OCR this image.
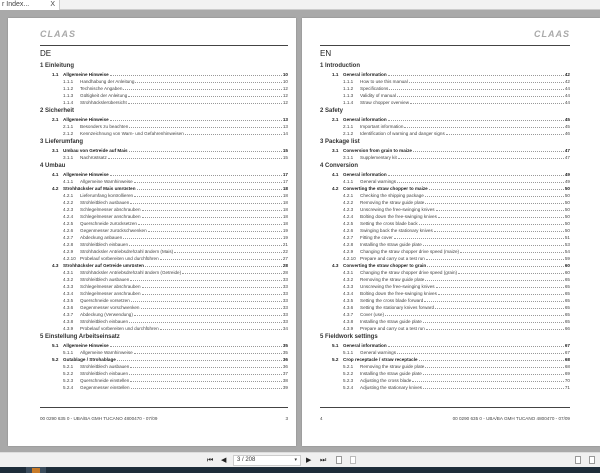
r Index...	X
CLAAS
DE
1 Einleitung
1.1	Allgemeine Hinweise	10
1.1.1	Handhabung der Anleitung	10
1.1.2	Technische Angaben	12
1.1.3	Gültigkeit der Anleitung	12
1.1.4	Strohhäckslerübersicht	12
2 Sicherheit
2.1	Allgemeine Hinweise	13
2.1.1	Besonders zu beachten	13
2.1.2	Kennzeichnung von Warn- und Gefahrenhinweisen	14
3 Lieferumfang
3.1	Umbau von Getreide auf Mais	15
3.1.1	Nachrüstsatz	15
4 Umbau
4.1	Allgemeine Hinweise	17
4.1.1	Allgemeine Warnhinweise	17
4.2	Strohhäcksler auf Mais umrüsten	18
4.2.1	Lieferumfang kontrollieren	18
4.2.2	Strohleitblech ausbauen	18
4.2.3	Schlegelmesser abschrauben	18
4.2.4	Schlegelmesser anschrauben	18
4.2.5	Querschneide zurücksetzen	18
4.2.6	Gegenmesser zurückschwenken	19
4.2.7	Abdeckung anbauen	19
4.2.8	Strohleitblech einbauen	21
4.2.9	Strohhäcksler Antriebsdrehzahl ändern (Mais)	22
4.2.10 Probelauf vorbereiten und durchführen	27
4.3	Strohhäcksler auf Getreide umrüsten	28
4.3.1	Strohhäcksler Antriebsdrehzahl ändern (Getreide)	28
4.3.2	Strohleitblech ausbauen	33
4.3.3	Schlegelmesser abschrauben	33
4.3.4	Schlegelmesser anschrauben	33
4.3.5	Querschneide vorsetzen	33
4.3.6	Gegenmesser vorschwenken	33
4.3.7	Abdeckung (Verwendung)	33
4.3.8	Strohleitblech einbauen	33
4.3.9	Probelauf vorbereiten und durchführen	34
5 Einstellung Arbeitseinsatz
5.1	Allgemeine Hinweise	35
5.1.1	Allgemeine Warnhinweise	35
5.2	Gutablage / Strohablage	36
5.2.1	Strohleitblech ausbauen	36
5.2.2	Strohleitblech einbauen	37
5.2.3	Querschneide einstellen	38
5.2.4	Gegenmesser einstellen	39
00 0290 635 0 - UBA/BA GMH TUCANO 4800470 - 07/09	3
CLAAS
EN
1 Introduction
1.1	General information	42
1.1.1	How to use this manual	42
1.1.2	Specifications	44
1.1.3	Validity of manual	44
1.1.4	Straw chopper overview	44
2 Safety
2.1	General information	45
2.1.1	Important information	45
2.1.2	Identification of warning and danger signs	46
3 Package list
3.1	Conversion from grain to maize	47
3.1.1	Supplementary kit	47
4 Conversion
4.1	General information	49
4.1.1	General warnings	49
4.2	Converting the straw chopper to maize	50
4.2.1	Checking the shipping package	50
4.2.2	Removing the straw guide plate	50
4.2.3	Unscrewing the free-swinging knives	50
4.2.4	Bolting down the free-swinging knives	50
4.2.5	Setting the cross blade back	50
4.2.6	Swinging back the stationary knives	50
4.2.7	Fitting the cover	51
4.2.8	Installing the straw guide plate	53
4.2.9	Changing the straw chopper drive speed (maize)	54
4.2.10 Prepare and carry out a test run	59
4.3	Converting the straw chopper to grain	60
4.3.1	Changing the straw chopper drive speed (grain)	60
4.3.2	Removing the straw guide plate	65
4.3.3	Unscrewing the free-swinging knives	65
4.3.4	Bolting down the free-swinging knives	65
4.3.5	Setting the cross blade forward	65
4.3.6	Setting the stationary knives forward	65
4.3.7	Cover (use)	65
4.3.8	Installing the straw guide plate	65
4.3.9	Prepare and carry out a test run	66
5 Fieldwork settings
5.1	General information	67
5.1.1	General warnings	67
5.2	Crop receptacle / straw receptacle	68
5.2.1	Removing the straw guide plate	68
5.2.2	Installing the straw guide plate	69
5.2.3	Adjusting the cross blade	70
5.2.4	Adjusting the stationary knives	71
4	00 0290 635 0 - UBA/BA GMH TUCANO 4800470 - 07/09
⏮ ◀	3 / 208	▾ ▶ ⏭
